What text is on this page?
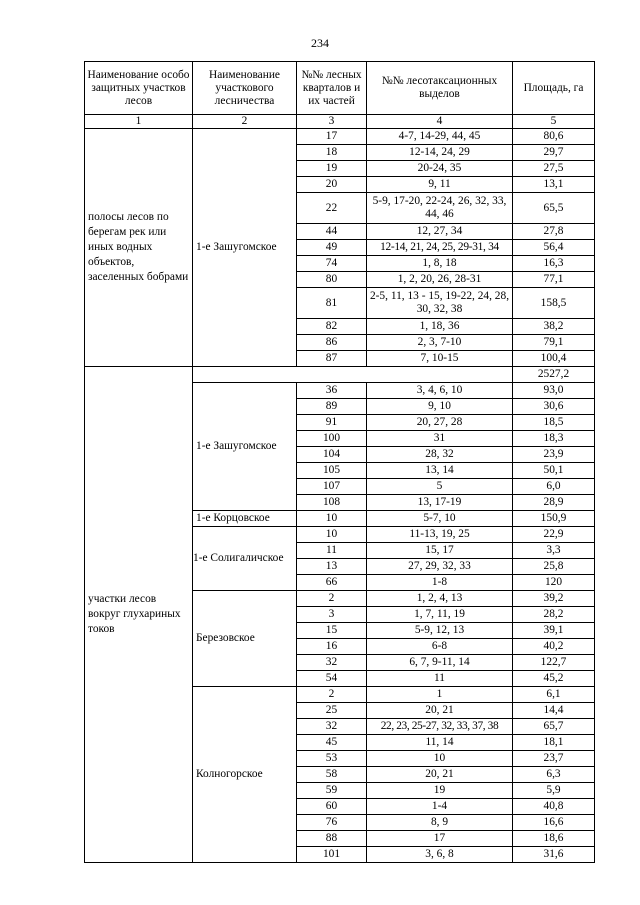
234
Наименование особо защитных участков лесов	Наименование участкового лесничества	№№ лесных кварталов и их частей	№№ лесотаксационных выделов	Площадь, га
1	2	3	4	5
полосы лесов по берегам рек или иных водных объектов, заселенных бобрами	1-е Зашугомское	17	4-7, 14-29, 44, 45	80,6
		18	12-14, 24, 29	29,7
		19	20-24, 35	27,5
		20	9, 11	13,1
		22	5-9, 17-20, 22-24, 26, 32, 33, 44, 46	65,5
		44	12, 27, 34	27,8
		49	12-14, 21, 24, 25, 29-31, 34	56,4
		74	1, 8, 18	16,3
		80	1, 2, 20, 26, 28-31	77,1
		81	2-5, 11, 13 - 15, 19-22, 24, 28, 30, 32, 38	158,5
		82	1, 18, 36	38,2
		86	2, 3, 7-10	79,1
		87	7, 10-15	100,4
участки лесов вокруг глухариных токов				2527,2
	1-е Зашугомское	36	3, 4, 6, 10	93,0
		89	9, 10	30,6
		91	20, 27, 28	18,5
		100	31	18,3
		104	28, 32	23,9
		105	13, 14	50,1
		107	5	6,0
		108	13, 17-19	28,9
	1-е Корцовское	10	5-7, 10	150,9
	1-е Солигаличское	10	11-13, 19, 25	22,9
		11	15, 17	3,3
		13	27, 29, 32, 33	25,8
		66	1-8	120
	Березовское	2	1, 2, 4, 13	39,2
		3	1, 7, 11, 19	28,2
		15	5-9, 12, 13	39,1
		16	6-8	40,2
		32	6, 7, 9-11, 14	122,7
		54	11	45,2
	Колногорское	2	1	6,1
		25	20, 21	14,4
		32	22, 23, 25-27, 32, 33, 37, 38	65,7
		45	11, 14	18,1
		53	10	23,7
		58	20, 21	6,3
		59	19	5,9
		60	1-4	40,8
		76	8, 9	16,6
		88	17	18,6
		101	3, 6, 8	31,6
